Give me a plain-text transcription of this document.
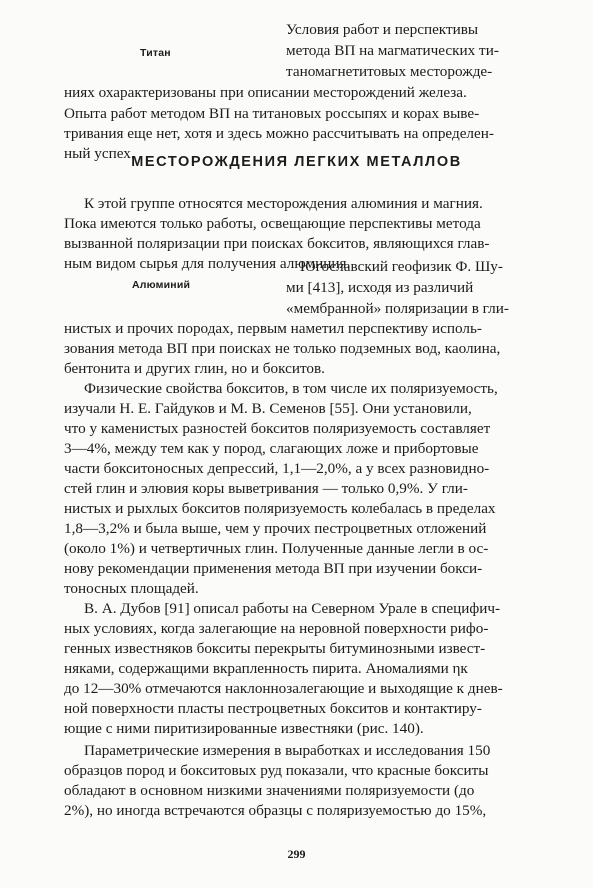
Титан
Условия работ и перспективы
метода ВП на магматических ти-
таномагнетитовых месторожде-
ниях охарактеризованы при описании месторождений железа.
Опыта работ методом ВП на титановых россыпях и корах выве-
тривания еще нет, хотя и здесь можно рассчитывать на определен-
ный успех.
МЕСТОРОЖДЕНИЯ ЛЕГКИХ МЕТАЛЛОВ
К этой группе относятся месторождения алюминия и магния.
Пока имеются только работы, освещающие перспективы метода
вызванной поляризации при поисках бокситов, являющихся глав-
ным видом сырья для получения алюминия.
Алюминий
Югославский геофизик Ф. Шу-
ми [413], исходя из различий
«мембранной» поляризации в гли-
нистых и прочих породах, первым наметил перспективу исполь-
зования метода ВП при поисках не только подземных вод, каолина,
бентонита и других глин, но и бокситов.
Физические свойства бокситов, в том числе их поляризуемость,
изучали Н. Е. Гайдуков и М. В. Семенов [55]. Они установили,
что у каменистых разностей бокситов поляризуемость составляет
3—4%, между тем как у пород, слагающих ложе и прибортовые
части бокситоносных депрессий, 1,1—2,0%, а у всех разновидно-
стей глин и элювия коры выветривания — только 0,9%. У гли-
нистых и рыхлых бокситов поляризуемость колебалась в пределах
1,8—3,2% и была выше, чем у прочих пестроцветных отложений
(около 1%) и четвертичных глин. Полученные данные легли в ос-
нову рекомендации применения метода ВП при изучении бокси-
тоносных площадей.
В. А. Дубов [91] описал работы на Северном Урале в специфич-
ных условиях, когда залегающие на неровной поверхности рифо-
генных известняков бокситы перекрыты битуминозными извест-
няками, содержащими вкрапленность пирита. Аномалиями ηк
до 12—30% отмечаются наклоннозалегающие и выходящие к днев-
ной поверхности пласты пестроцветных бокситов и контактиру-
ющие с ними пиритизированные известняки (рис. 140).
Параметрические измерения в выработках и исследования 150
образцов пород и бокситовых руд показали, что красные бокситы
обладают в основном низкими значениями поляризуемости (до
2%), но иногда встречаются образцы с поляризуемостью до 15%,
299
